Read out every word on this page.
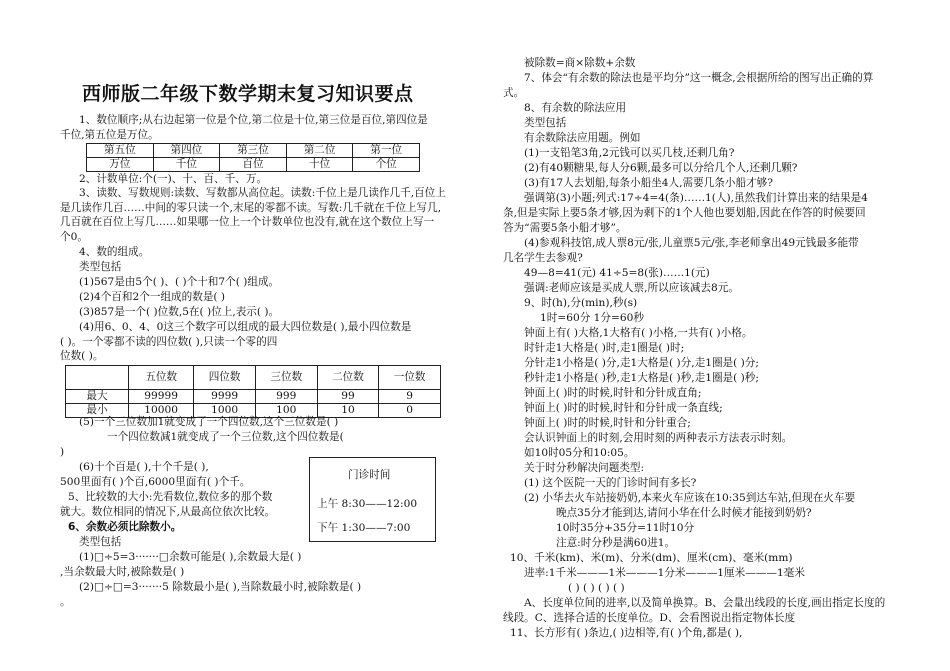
西师版二年级下数学期末复习知识要点
1、数位顺序;从右边起第一位是个位,第二位是十位,第三位是百位,第四位是
千位,第五位是万位。
第五位	第四位	第三位	第二位	第一位
万位	千位	百位	十位	个位
2、计数单位:个(一)、十、百、千、万。
3、读数、写数规则:读数、写数都从高位起。读数:千位上是几读作几千,百位上
是几读作几百……中间的零只读一个,末尾的零都不读。写数:几千就在千位上写几,
几百就在百位上写几……如果哪一位上一个计数单位也没有,就在这个数位上写一
个0。
4、数的组成。
类型包括
(1)567是由5个( )、( )个十和7个( )组成。
(2)4个百和2个一组成的数是( )
(3)857是一个( )位数,5在( )位上,表示( )。
(4)用6、0、4、0这三个数字可以组成的最大四位数是( ),最小四位数是
( )。一个零都不读的四位数( ),只读一个零的四
位数( )。
	五位数	四位数	三位数	二位数	一位数
最大	99999	9999	999	99	9
最小	10000	1000	100	10	0
(5)一个三位数加1就变成了一个四位数,这个三位数是( )
一个四位数减1就变成了一个三位数,这个四位数是(
)
(6)十个百是( ),十个千是( ),
500里面有( )个百,6000里面有( )个千。
5、比较数的大小:先看数位,数位多的那个数
就大。数位相同的情况下,从最高位依次比较。
6、余数必须比除数小。
类型包括
(1)□÷5=3·······□余数可能是( ),余数最大是( )
,当余数最大时,被除数是( )
(2)□÷□=3·······5 除数最小是( ),当除数最小时,被除数是( )
。
门诊时间
上午 8:30——12:00
下午 1:30——7:00
被除数=商×除数+余数
7、体会“有余数的除法也是平均分”这一概念,会根据所给的图写出正确的算
式。
8、有余数的除法应用
类型包括
有余数除法应用题。例如
(1)一支铅笔3角,2元钱可以买几枝,还剩几角?
(2)有40颗糖果,每人分6颗,最多可以分给几个人,还剩几颗?
(3)有17人去划船,每条小船坐4人,需要几条小船才够?
强调第(3)小题;列式:17÷4=4(条)……1(人),虽然我们计算出来的结果是4
条,但是实际上要5条才够,因为剩下的1个人他也要划船,因此在作答的时候要回
答为“需要5条小船才够”。
(4)参观科技馆,成人票8元/张,儿童票5元/张,李老师拿出49元钱最多能带
几名学生去参观?
49—8=41(元) 41÷5=8(张)……1(元)
强调:老师应该是买成人票,所以应该减去8元。
9、时(h),分(min),秒(s)
1时=60分 1分=60秒
钟面上有( )大格,1大格有( )小格,一共有( )小格。
时针走1大格是( )时,走1圈是( )时;
分针走1小格是( )分,走1大格是( )分,走1圈是( )分;
秒针走1小格是( )秒,走1大格是( )秒,走1圈是( )秒;
钟面上( )时的时候,时针和分针成直角;
钟面上( )时的时候,时针和分针成一条直线;
钟面上( )时的时候,时针和分针重合;
会认识钟面上的时刻,会用时刻的两种表示方法表示时刻。
如10时05分和10:05。
关于时分秒解决问题类型:
(1) 这个医院一天的门诊时间有多长?
(2) 小华去火车站接奶奶,本来火车应该在10:35到达车站,但现在火车要
晚点35分才能到达,请问小华在什么时候才能接到奶奶?
10时35分+35分=11时10分
注意:时分秒是满60进1。
10、千米(km)、米(m)、分米(dm)、厘米(cm)、毫米(mm)
进率:1千米———1米———1分米———1厘米———1毫米
( ) ( ) ( ) ( )
A、长度单位间的进率,以及简单换算。B、会量出线段的长度,画出指定长度的
线段。C、选择合适的长度单位。D、会看图说出指定物体长度
11、长方形有( )条边,( )边相等,有( )个角,都是( ),
